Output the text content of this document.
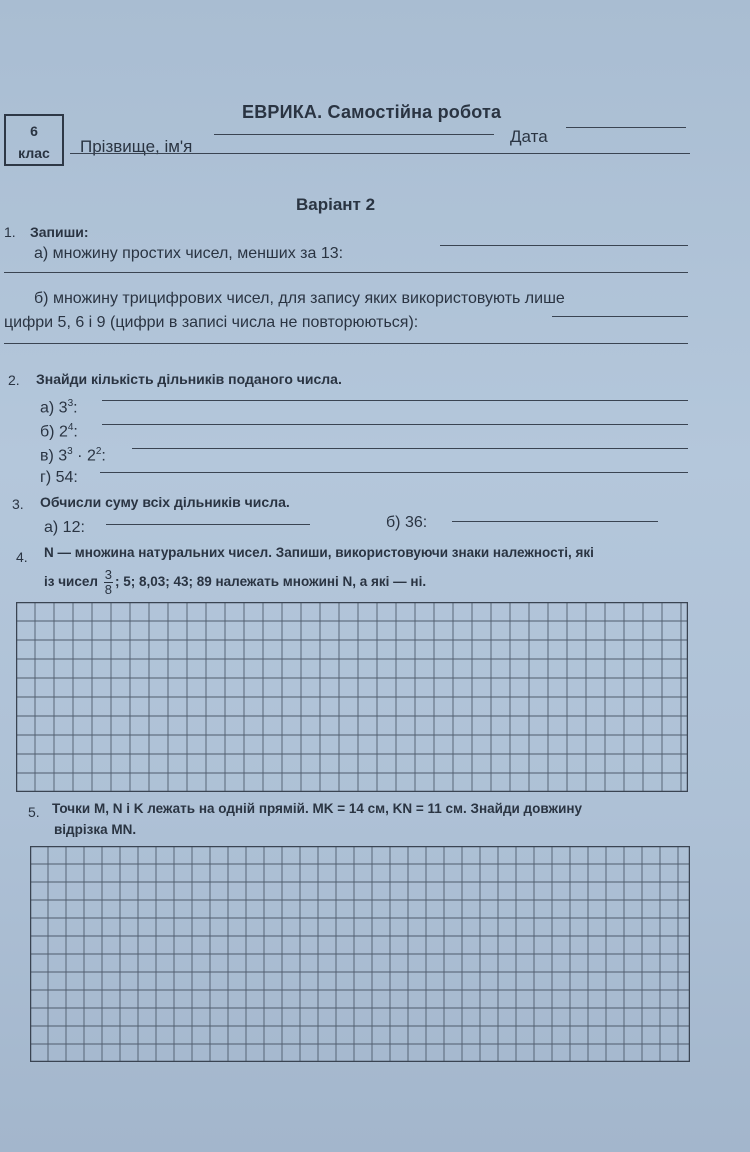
6
клас
ЕВРИКА. Самостійна робота
Прізвище, ім'я
Дата
Варіант 2
1. Запиши:
а) множину простих чисел, менших за 13:
б) множину трицифрових чисел, для запису яких використовують лише
цифри 5, 6 і 9 (цифри в записі числа не повторюються):
2. Знайди кількість дільників поданого числа.
а) $3^3$:
б) $2^4$:
в) $3^3 \cdot 2^2$:
г) 54:
3. Обчисли суму всіх дільників числа.
а) 12:	б) 36:
4. N — множина натуральних чисел. Запиши, використовуючи знаки належності, які
із чисел $\frac{3}{8}$ ; 5; 8,03; 43; 89 належать множині N, а які — ні.
5. Точки M, N і K лежать на одній прямій. MK = 14 см, KN = 11 см. Знайди довжину
відрізка MN.
